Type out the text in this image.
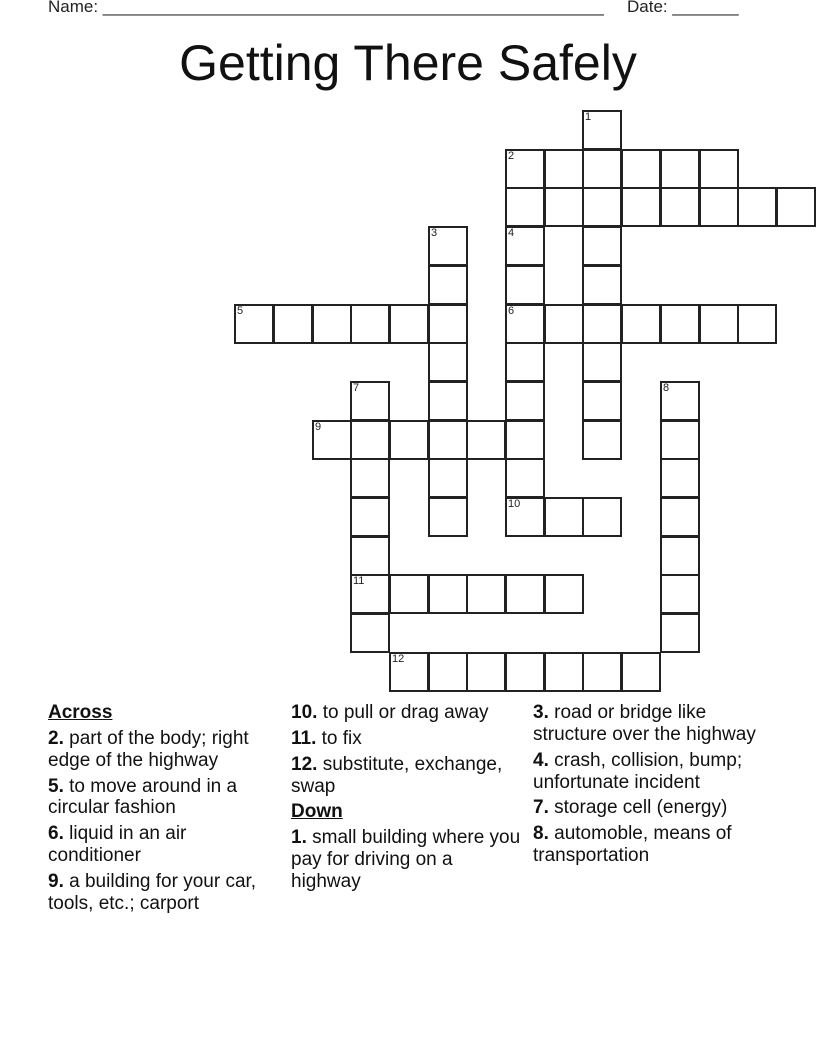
Name: _____________________________________________________ Date: _______
Getting There Safely
1
2
3	4
5	6
7	8
9
10
11
12
Across
2. part of the body; right edge of the highway
5. to move around in a circular fashion
6. liquid in an air conditioner
9. a building for your car, tools, etc.; carport
10. to pull or drag away
11. to fix
12. substitute, exchange, swap
Down
1. small building where you pay for driving on a highway
3. road or bridge like structure over the highway
4. crash, collision, bump; unfortunate incident
7. storage cell (energy)
8. automoble, means of transportation
